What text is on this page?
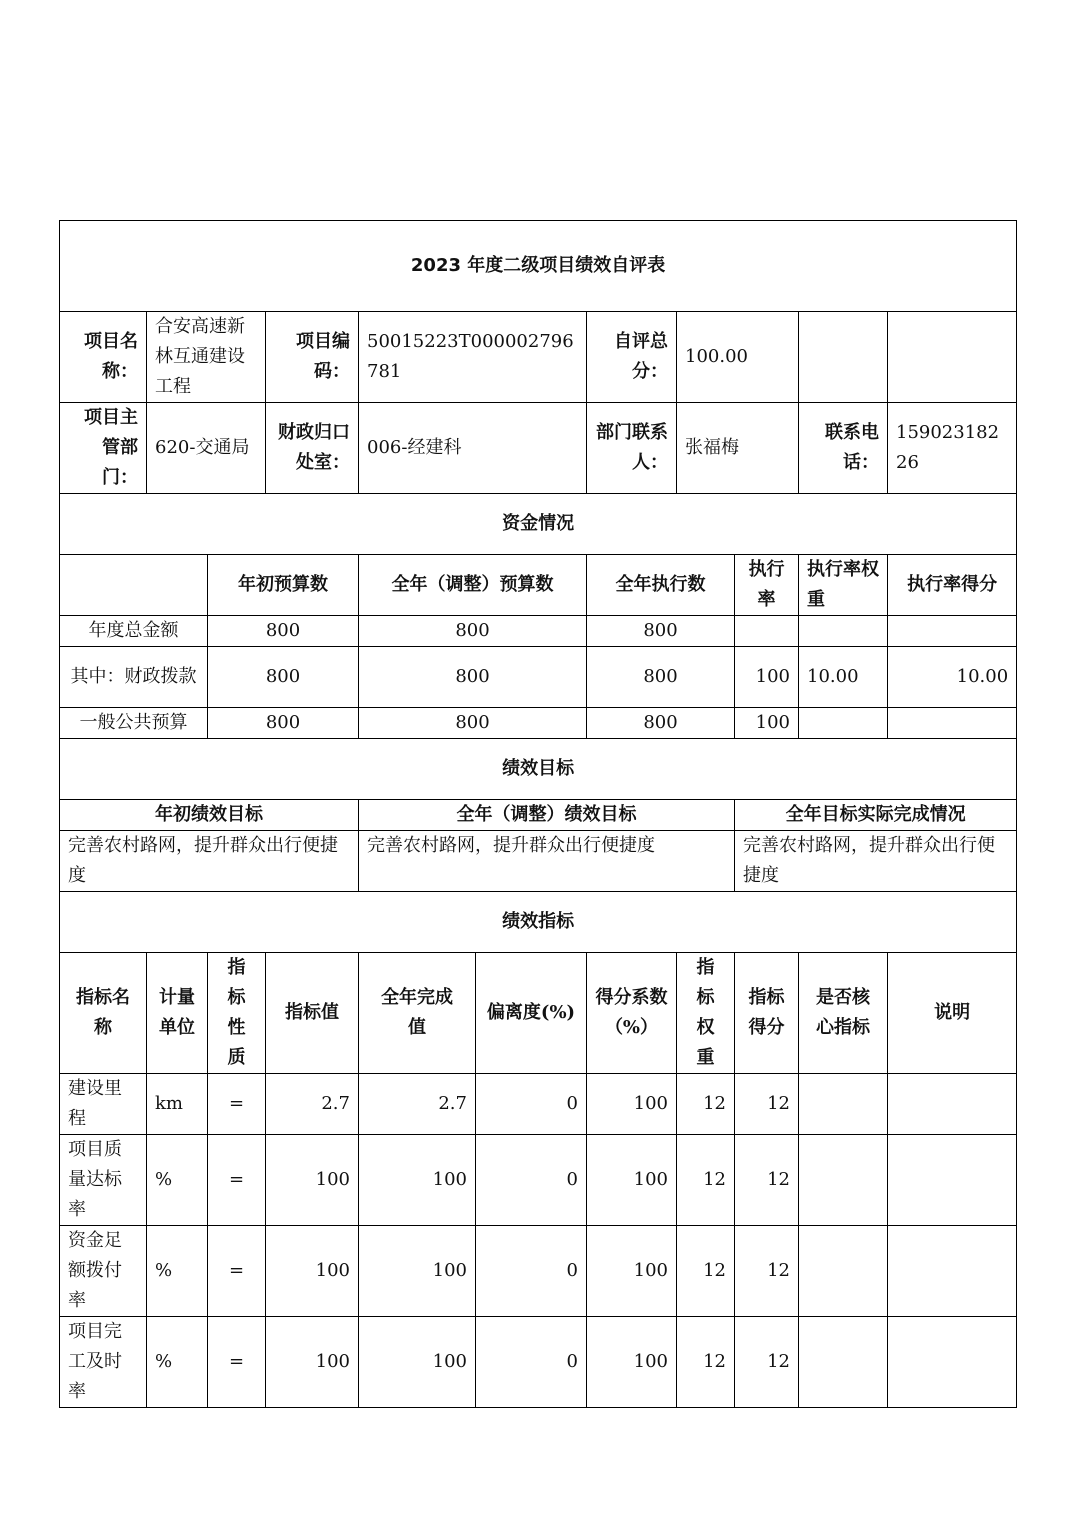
2023 年度二级项目绩效自评表										
项目名称：	合安高速新林互通建设工程		项目编码：	50015223T000002796781		自评总分：	100.00			
项目主管部门：	620-交通局		财政归口处室：	006-经建科		部门联系人：	张福梅		联系电话：	15902318226
资金情况										
		年初预算数		全年（调整）预算数		全年执行数		执行率	执行率权重	执行率得分
年度总金额		800		800		800				
其中：财政拨款		800		800		800		100	10.00	10.00
一般公共预算		800		800		800		100		
绩效目标										
年初绩效目标				全年（调整）绩效目标				全年目标实际完成情况		
完善农村路网，提升群众出行便捷度				完善农村路网，提升群众出行便捷度				完善农村路网，提升群众出行便捷度		
绩效指标										
指标名称	计量单位	指标性质	指标值	全年完成值	偏离度(%)	得分系数（%）	指标权重	指标得分	是否核心指标	说明
建设里程	km	=	2.7	2.7	0	100	12	12		
项目质量达标率	%	=	100	100	0	100	12	12		
资金足额拨付率	%	=	100	100	0	100	12	12		
项目完工及时率	%	=	100	100	0	100	12	12		
